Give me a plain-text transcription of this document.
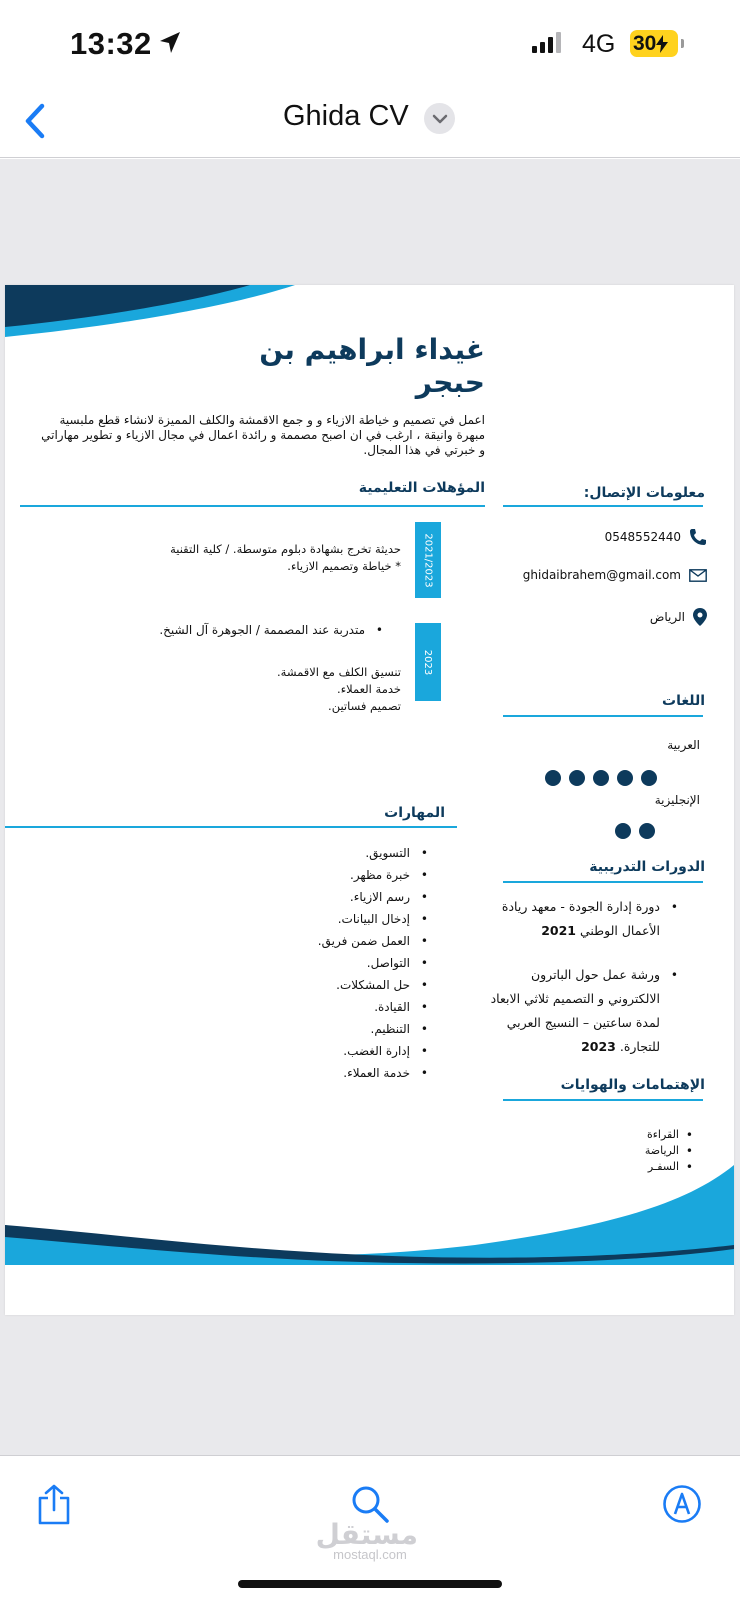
13:32	4G 30
Ghida CV
غيداء ابراهيم بن حبجر
اعمل في تصميم و خياطة الازياء و و جمع الاقمشة والكلف المميزة لانشاء قطع ملبسية مبهرة وانيقة ، ارغب في ان اصبح مصممة و رائدة اعمال في مجال الازياء و تطوير مهاراتي و خبرتي في هذا المجال.
المؤهلات التعليمية
2021/2023
حديثة تخرج بشهادة دبلوم متوسطة. / كلية التقنية
* خياطة وتصميم الازياء.
2023
• متدربة عند المصممة / الجوهرة آل الشيخ.
تنسيق الكلف مع الاقمشة.
خدمة العملاء.
تصميم فساتين.
معلومات الإتصال:
0548552440
ghidaibrahem@gmail.com
الرياض
اللغات
العربية
الإنجليزية
المهارات
• التسويق.
• خبرة مظهر.
• رسم الازياء.
• إدخال البيانات.
• العمل ضمن فريق.
• التواصل.
• حل المشكلات.
• القيادة.
• التنظيم.
• إدارة الغضب.
• خدمة العملاء.
الدورات التدريبية
• دورة إدارة الجودة - معهد ريادة الأعمال الوطني 2021
• ورشة عمل حول الباترون الالكتروني و التصميم ثلاثي الابعاد لمدة ساعتين – النسيج العربي للتجارة. 2023
الإهتمامات والهوايات
• القراءة
• الرياضة
• السفـر
مستقل
mostaql.com
